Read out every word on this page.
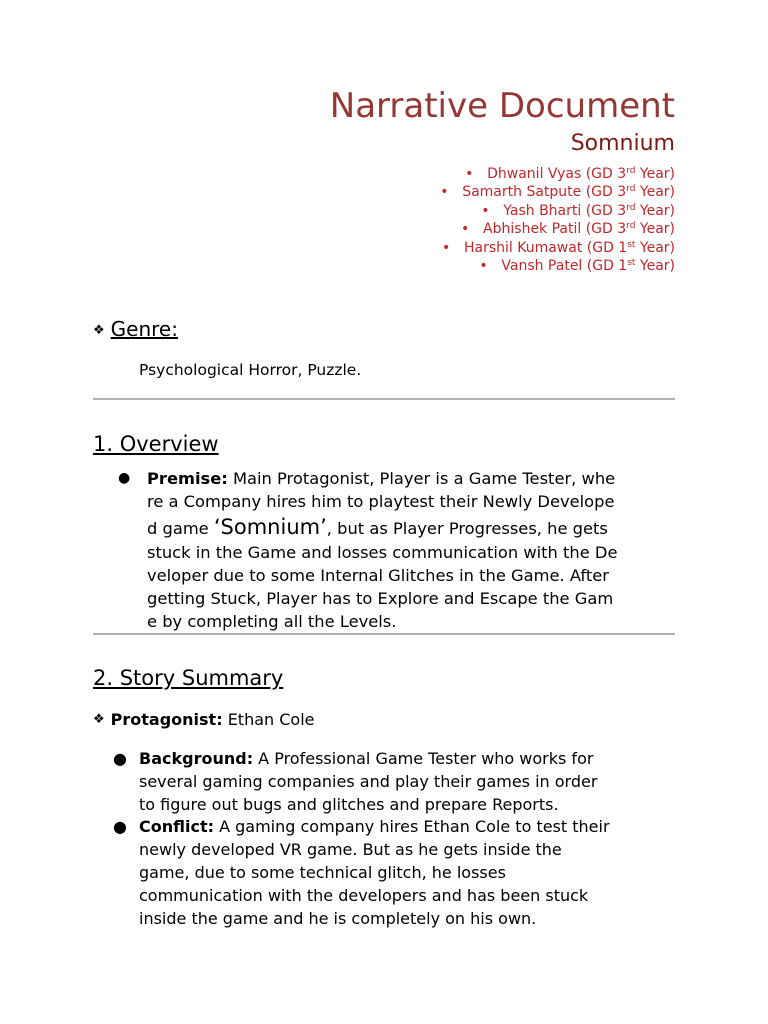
Narrative Document
Somnium
• Dhwanil Vyas (GD 3rd Year)
• Samarth Satpute (GD 3rd Year)
• Yash Bharti (GD 3rd Year)
• Abhishek Patil (GD 3rd Year)
• Harshil Kumawat (GD 1st Year)
• Vansh Patel (GD 1st Year)
❖ Genre:
Psychological Horror, Puzzle.
1. Overview
● Premise: Main Protagonist, Player is a Game Tester, whe
re a Company hires him to playtest their Newly Develope
d game ‘Somnium’, but as Player Progresses, he gets
stuck in the Game and losses communication with the De
veloper due to some Internal Glitches in the Game. After
getting Stuck, Player has to Explore and Escape the Gam
e by completing all the Levels.
2. Story Summary
❖ Protagonist: Ethan Cole
● Background: A Professional Game Tester who works for
several gaming companies and play their games in order
to figure out bugs and glitches and prepare Reports.
● Conflict: A gaming company hires Ethan Cole to test their
newly developed VR game. But as he gets inside the
game, due to some technical glitch, he losses
communication with the developers and has been stuck
inside the game and he is completely on his own.
